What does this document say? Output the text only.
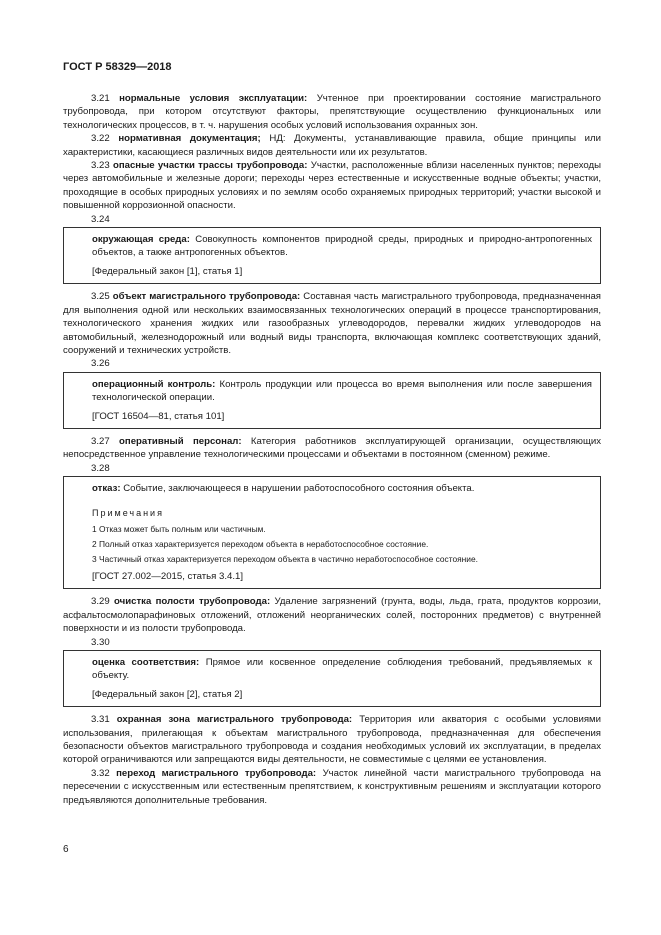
ГОСТ Р 58329—2018

3.21 нормальные условия эксплуатации: Учтенное при проектировании состояние магистрального трубопровода, при котором отсутствуют факторы, препятствующие осуществлению функциональных или технологических процессов, в т. ч. нарушения особых условий использования охранных зон.

3.22 нормативная документация; НД: Документы, устанавливающие правила, общие принципы или характеристики, касающиеся различных видов деятельности или их результатов.

3.23 опасные участки трассы трубопровода: Участки, расположенные вблизи населенных пунктов; переходы через автомобильные и железные дороги; переходы через естественные и искусственные водные объекты; участки, проходящие в особых природных условиях и по землям особо охраняемых природных территорий; участки высокой и повышенной коррозионной опасности.

3.24

окружающая среда: Совокупность компонентов природной среды, природных и природно-антропогенных объектов, а также антропогенных объектов.

[Федеральный закон [1], статья 1]

3.25 объект магистрального трубопровода: Составная часть магистрального трубопровода, предназначенная для выполнения одной или нескольких взаимосвязанных технологических операций в процессе транспортирования, технологического хранения жидких или газообразных углеводородов, перевалки жидких углеводородов на автомобильный, железнодорожный или водный виды транспорта, включающая комплекс соответствующих зданий, сооружений и технических устройств.

3.26

операционный контроль: Контроль продукции или процесса во время выполнения или после завершения технологической операции.

[ГОСТ 16504—81, статья 101]

3.27 оперативный персонал: Категория работников эксплуатирующей организации, осуществляющих непосредственное управление технологическими процессами и объектами в постоянном (сменном) режиме.

3.28

отказ: Событие, заключающееся в нарушении работоспособного состояния объекта.

Примечания

1 Отказ может быть полным или частичным.

2 Полный отказ характеризуется переходом объекта в неработоспособное состояние.

3 Частичный отказ характеризуется переходом объекта в частично неработоспособное состояние.

[ГОСТ 27.002—2015, статья 3.4.1]

3.29 очистка полости трубопровода: Удаление загрязнений (грунта, воды, льда, грата, продуктов коррозии, асфальтосмолопарафиновых отложений, отложений неорганических солей, посторонних предметов) с внутренней поверхности и из полости трубопровода.

3.30

оценка соответствия: Прямое или косвенное определение соблюдения требований, предъявляемых к объекту.

[Федеральный закон [2], статья 2]

3.31 охранная зона магистрального трубопровода: Территория или акватория с особыми условиями использования, прилегающая к объектам магистрального трубопровода, предназначенная для обеспечения безопасности объектов магистрального трубопровода и создания необходимых условий их эксплуатации, в пределах которой ограничиваются или запрещаются виды деятельности, не совместимые с целями ее установления.

3.32 переход магистрального трубопровода: Участок линейной части магистрального трубопровода на пересечении с искусственным или естественным препятствием, к конструктивным решениям и эксплуатации которого предъявляются дополнительные требования.

6
